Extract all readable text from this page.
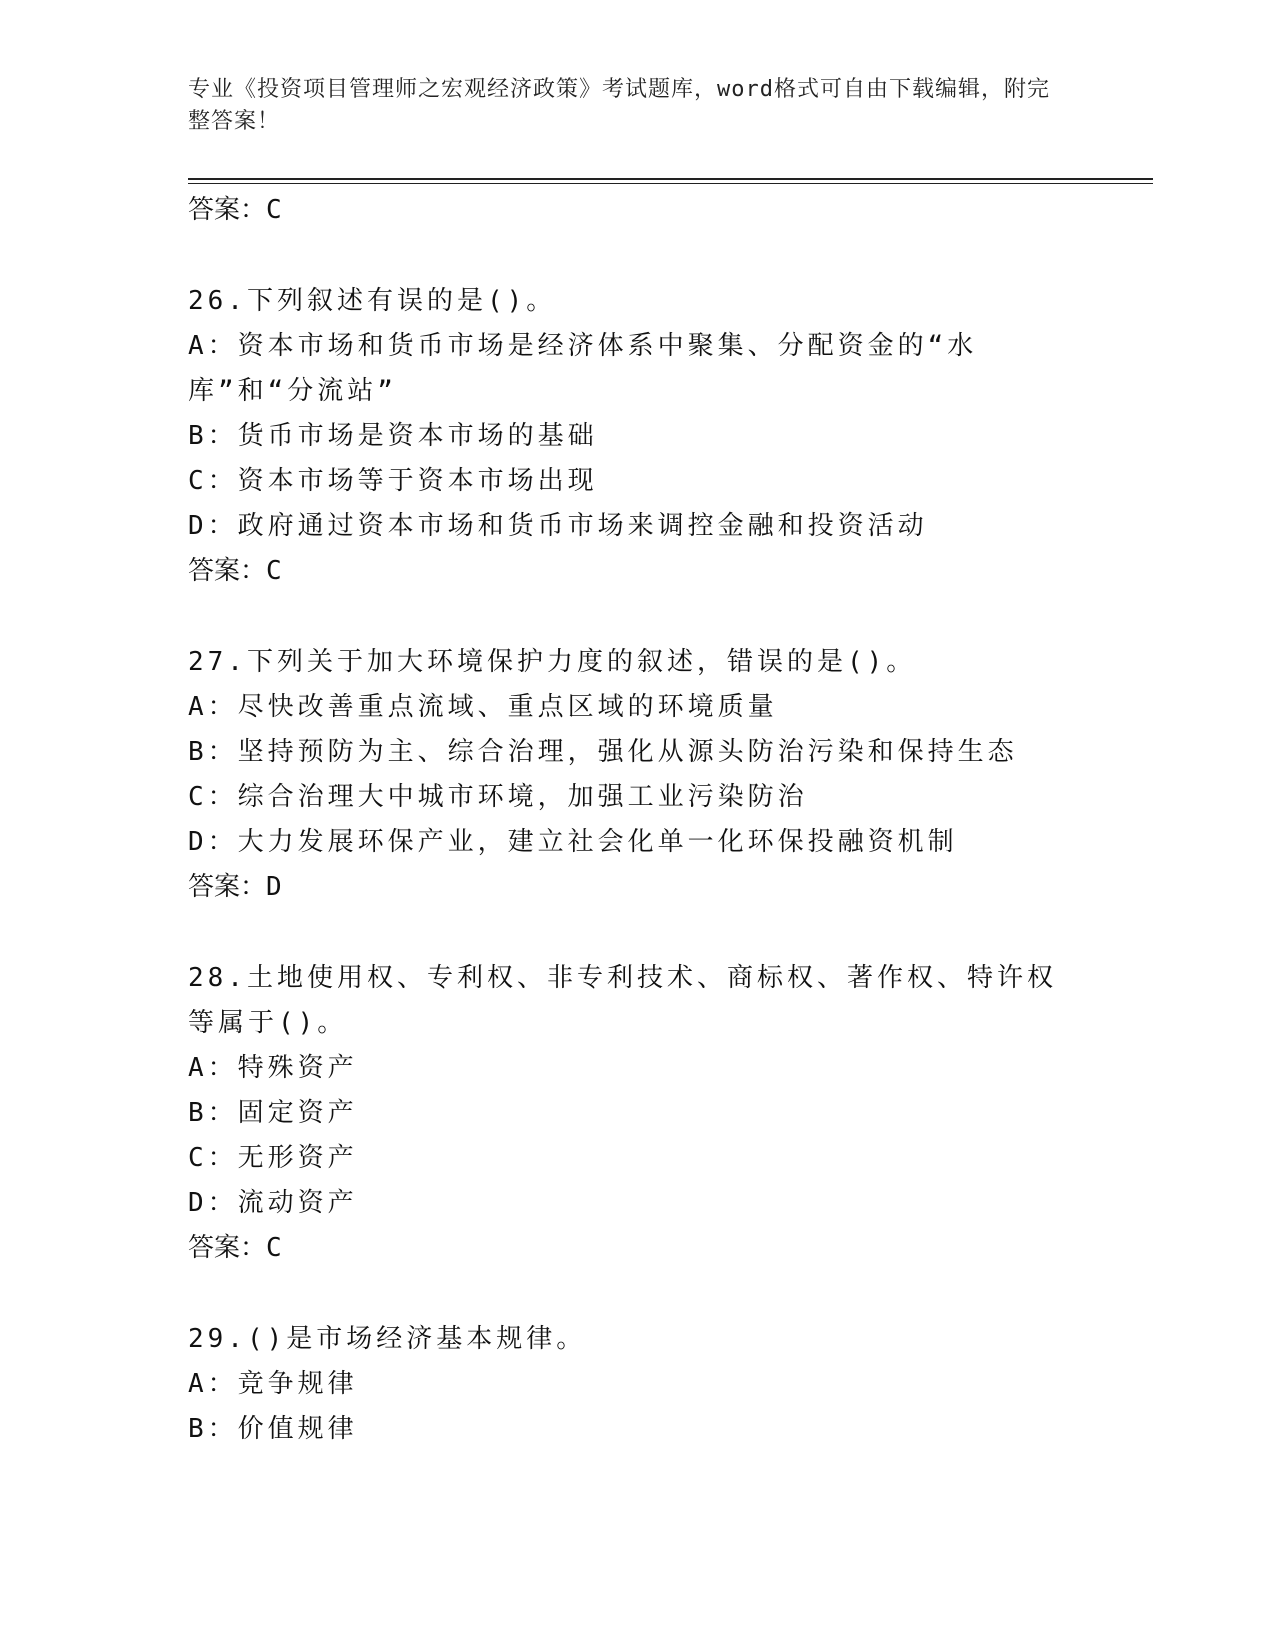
专业《投资项目管理师之宏观经济政策》考试题库，word格式可自由下载编辑，附完整答案！
答案：C
26.下列叙述有误的是()。
A：资本市场和货币市场是经济体系中聚集、分配资金的“水库”和“分流站”
B：货币市场是资本市场的基础
C：资本市场等于资本市场出现
D：政府通过资本市场和货币市场来调控金融和投资活动
答案：C
27.下列关于加大环境保护力度的叙述，错误的是()。
A：尽快改善重点流域、重点区域的环境质量
B：坚持预防为主、综合治理，强化从源头防治污染和保持生态
C：综合治理大中城市环境，加强工业污染防治
D：大力发展环保产业，建立社会化单一化环保投融资机制
答案：D
28.土地使用权、专利权、非专利技术、商标权、著作权、特许权等属于()。
A：特殊资产
B：固定资产
C：无形资产
D：流动资产
答案：C
29.()是市场经济基本规律。
A：竞争规律
B：价值规律
